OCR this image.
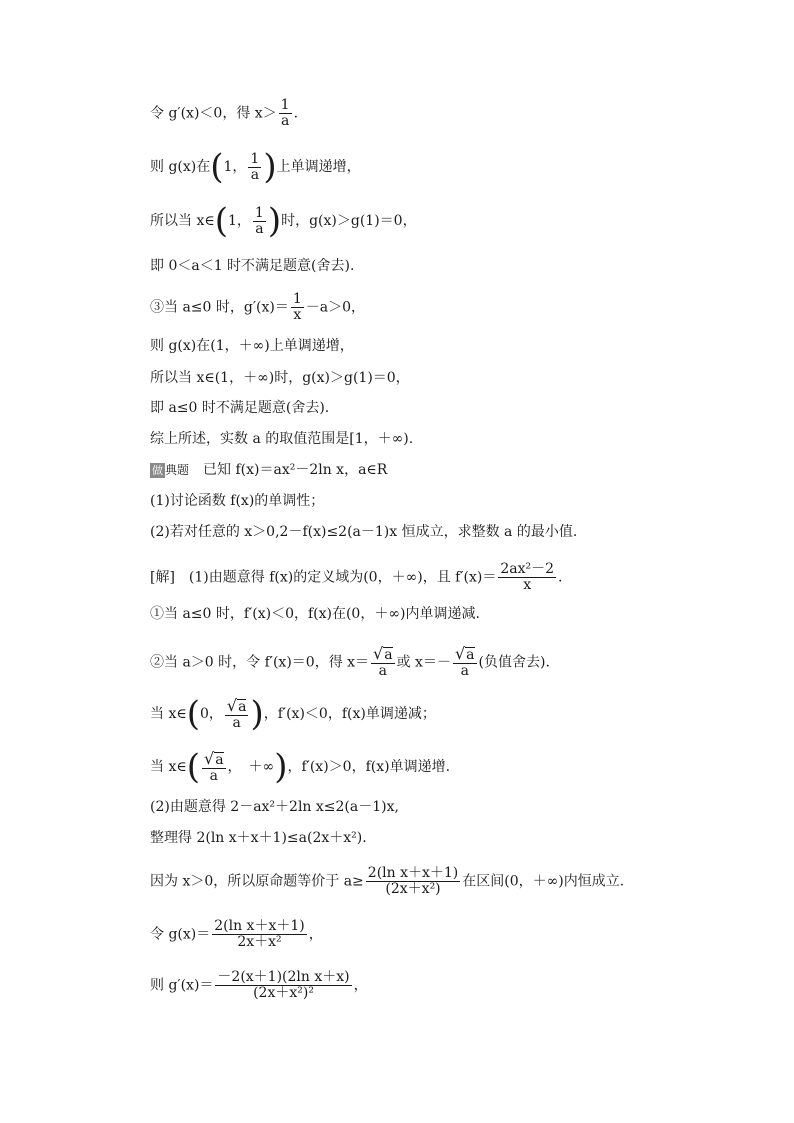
令 g′(x)＜0，得 $x> \frac{1}{a}$ .
则 g(x)在(1， $\frac{1}{a}$ )上单调递增，
所以当 x∈(1， $\frac{1}{a}$ )时，g(x)＞g(1)＝0，
即 0＜a＜1 时不满足题意(舍去).
③当 a≤0 时，$g'(x)= \frac{1}{x} -a>0$，
则 g(x)在(1，＋∞)上单调递增，
所以当 x∈(1，＋∞)时，g(x)＞g(1)＝0，
即 a≤0 时不满足题意(舍去).
综上所述，实数 a 的取值范围是[1，＋∞).
做 典题　 已知 f(x)＝ax²－2ln x，a∈R
(1)讨论函数 f(x)的单调性；
(2)若对任意的 x＞0,2－f(x)≤2(a－1)x 恒成立，求整数 a 的最小值.
[解]　(1)由题意得 f(x)的定义域为(0，＋∞)，且 $f'(x)= \frac{\text{2ax²－2}}{x}$ .
①当 a≤0 时，f′(x)＜0，f(x)在(0，＋∞)内单调递减.
②当 a＞0 时，令 f′(x)＝0，得 $x= \frac{√a}{a}$ 或 $x=- \frac{√a}{a}$ (负值舍去).
当 x∈(0， $\frac{√a}{a}$ )，f′(x)＜0，f(x)单调递减；
当 x∈( $\frac{√a}{a}$ ，　＋∞)，f′(x)＞0，f(x)单调递增.
(2)由题意得 2－ax²＋2ln x≤2(a－1)x,
整理得 2(ln x＋x＋1)≤a(2x＋x²).
因为 x＞0，所以原命题等价于 $a\ge \frac{\text{2(ln x＋x＋1)}}{\text{(2x＋x²)}}$ 在区间(0，＋∞)内恒成立.
令 $g(x)= \frac{\text{2(ln x＋x＋1)}}{\text{2x＋x²}}$ ，
则 $g'(x)= \frac{\text{－2(x＋1)(2ln x＋x)}}{\text{(2x＋x²)²}}$ ，
